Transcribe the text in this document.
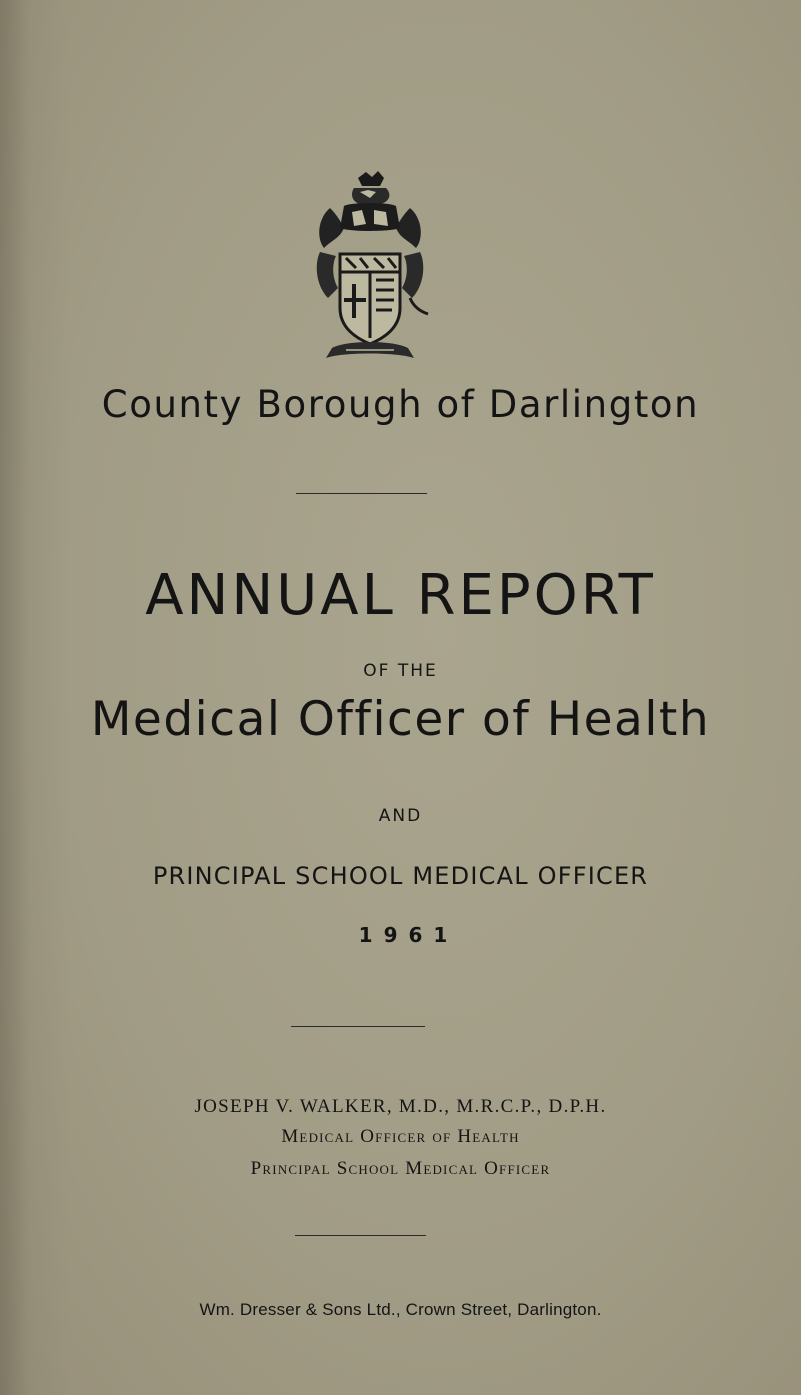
County Borough of Darlington
ANNUAL REPORT
OF THE
Medical Officer of Health
AND
PRINCIPAL SCHOOL MEDICAL OFFICER
1961
JOSEPH V. WALKER, M.D., M.R.C.P., D.P.H.
Medical Officer of Health
Principal School Medical Officer
Wm. Dresser & Sons Ltd., Crown Street, Darlington.
